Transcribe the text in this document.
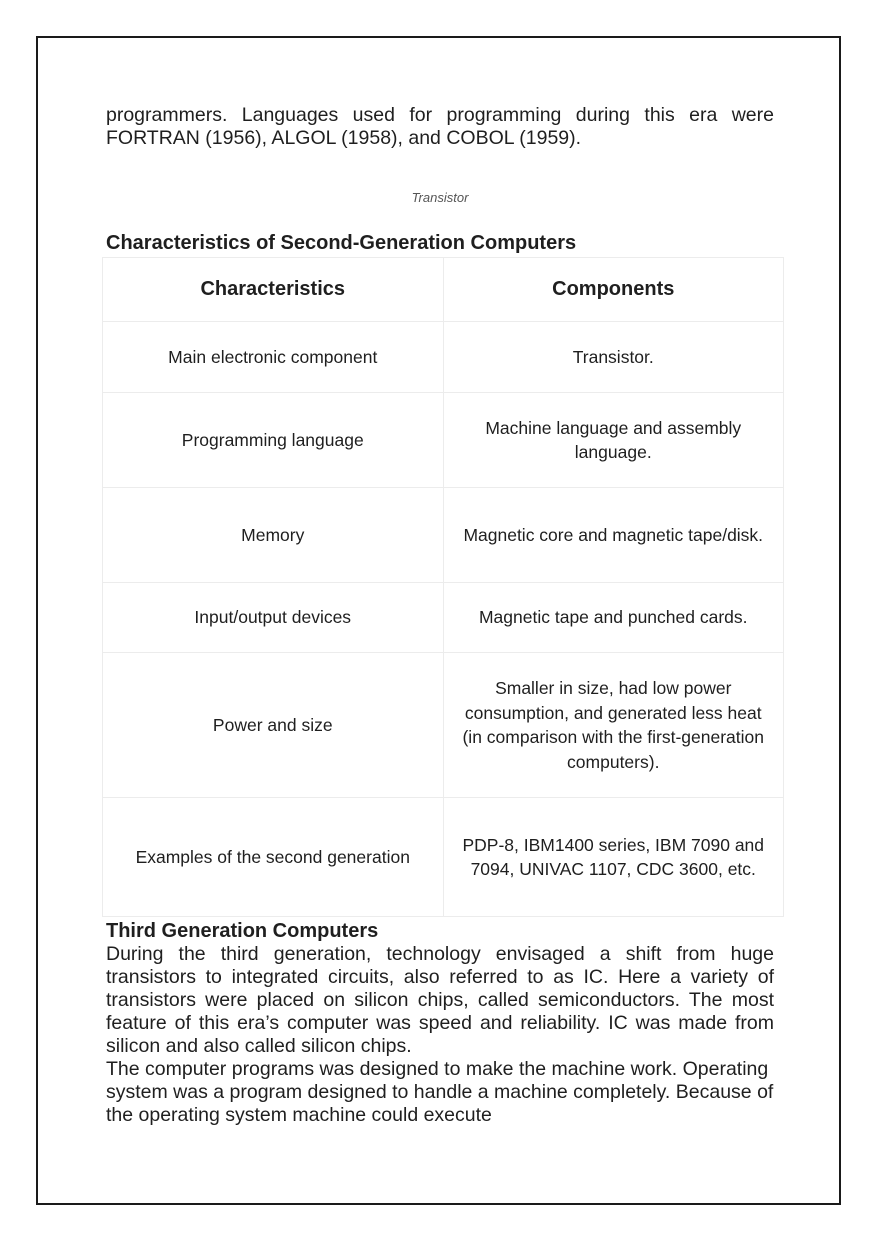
programmers. Languages used for programming during this era were FORTRAN (1956), ALGOL (1958), and COBOL (1959).

Transistor
Characteristics of Second-Generation Computers
Characteristics	Components
Main electronic component	Transistor.
Programming language	Machine language and assembly language.
Memory	Magnetic core and magnetic tape/disk.
Input/output devices	Magnetic tape and punched cards.
Power and size	Smaller in size, had low power consumption, and generated less heat (in comparison with the first-generation computers).
Examples of the second generation	PDP-8, IBM1400 series, IBM 7090 and 7094, UNIVAC 1107, CDC 3600, etc.
Third Generation Computers

During the third generation, technology envisaged a shift from huge transistors to integrated circuits, also referred to as IC. Here a variety of transistors were placed on silicon chips, called semiconductors. The most feature of this era’s computer was speed and reliability. IC was made from silicon and also called silicon chips.

The computer programs was designed to make the machine work. Operating system was a program designed to handle a machine completely. Because of the operating system machine could execute
